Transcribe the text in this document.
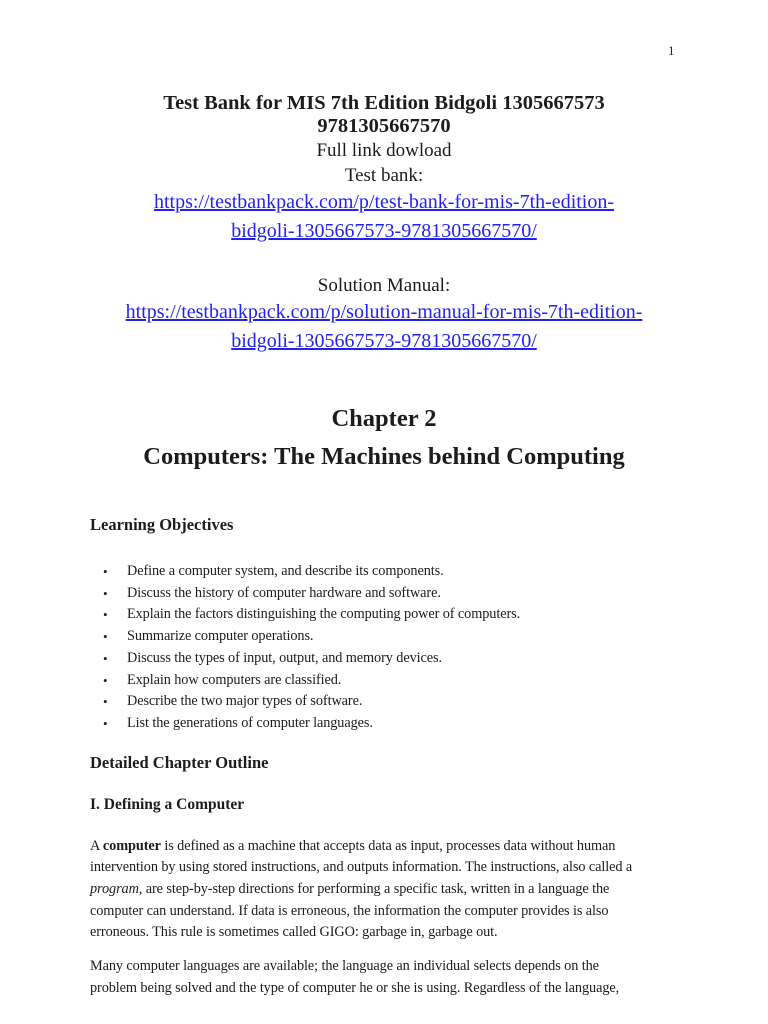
1
Test Bank for MIS 7th Edition Bidgoli 1305667573
9781305667570
Full link dowload
Test bank:
https://testbankpack.com/p/test-bank-for-mis-7th-edition-
bidgoli-1305667573-9781305667570/
Solution Manual:
https://testbankpack.com/p/solution-manual-for-mis-7th-edition-
bidgoli-1305667573-9781305667570/
Chapter 2
Computers: The Machines behind Computing
Learning Objectives
•	Define a computer system, and describe its components.
•	Discuss the history of computer hardware and software.
•	Explain the factors distinguishing the computing power of computers.
•	Summarize computer operations.
•	Discuss the types of input, output, and memory devices.
•	Explain how computers are classified.
•	Describe the two major types of software.
•	List the generations of computer languages.
Detailed Chapter Outline
I. Defining a Computer
A computer is defined as a machine that accepts data as input, processes data without human
intervention by using stored instructions, and outputs information. The instructions, also called a
program, are step-by-step directions for performing a specific task, written in a language the
computer can understand. If data is erroneous, the information the computer provides is also
erroneous. This rule is sometimes called GIGO: garbage in, garbage out.
Many computer languages are available; the language an individual selects depends on the
problem being solved and the type of computer he or she is using. Regardless of the language,
